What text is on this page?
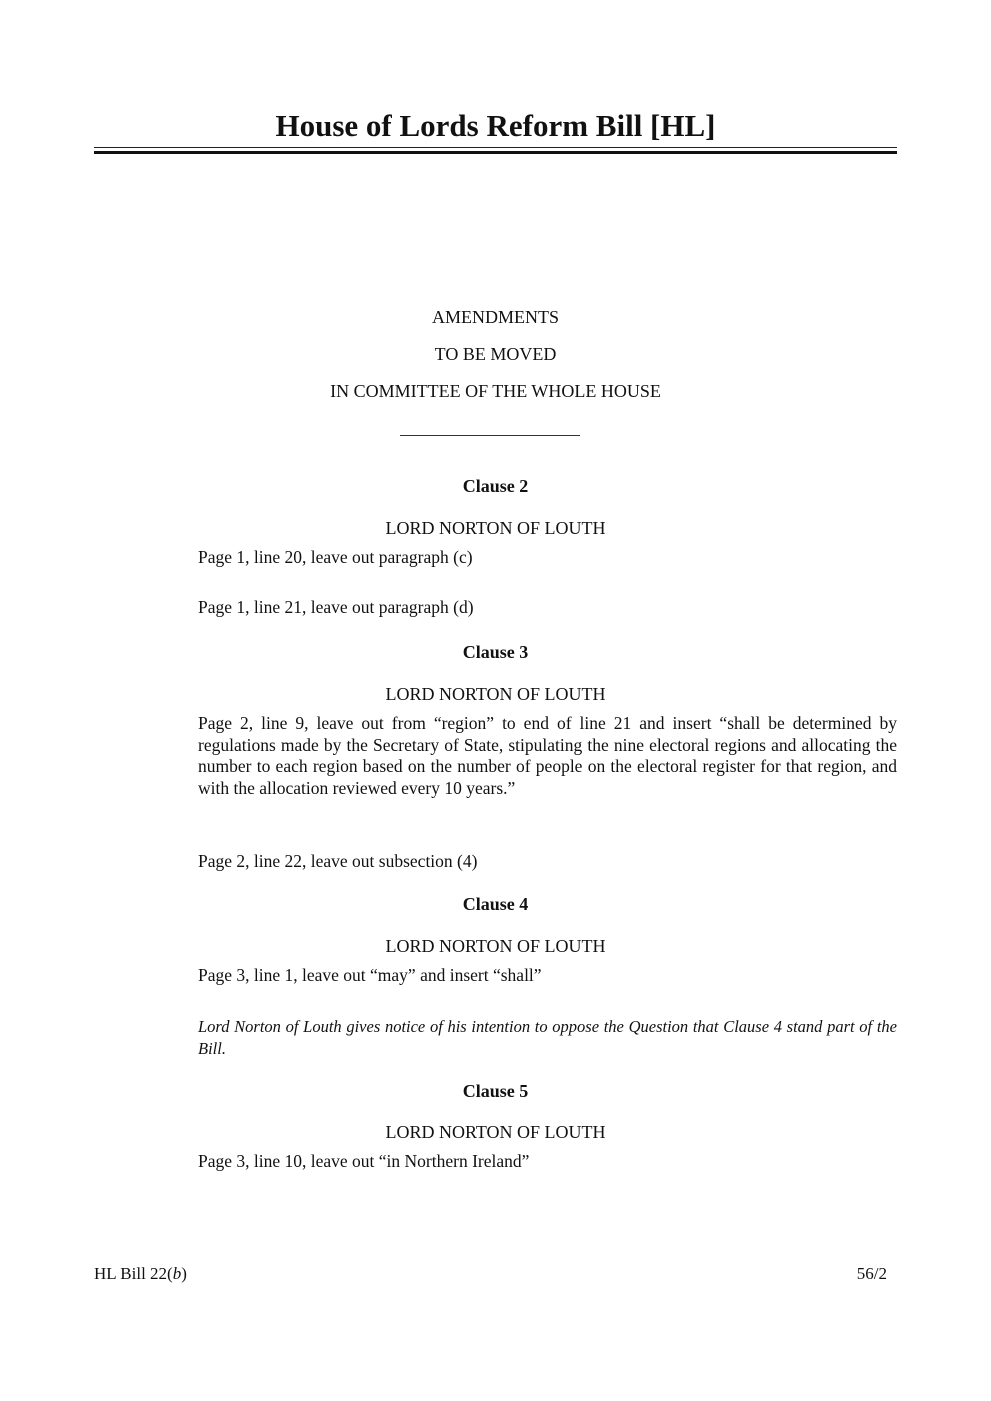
House of Lords Reform Bill [HL]
AMENDMENTS
TO BE MOVED
IN COMMITTEE OF THE WHOLE HOUSE
Clause 2
LORD NORTON OF LOUTH
Page 1, line 20, leave out paragraph (c)
Page 1, line 21, leave out paragraph (d)
Clause 3
LORD NORTON OF LOUTH
Page 2, line 9, leave out from “region” to end of line 21 and insert “shall be determined by regulations made by the Secretary of State, stipulating the nine electoral regions and allocating the number to each region based on the number of people on the electoral register for that region, and with the allocation reviewed every 10 years.”
Page 2, line 22, leave out subsection (4)
Clause 4
LORD NORTON OF LOUTH
Page 3, line 1, leave out “may” and insert “shall”
Lord Norton of Louth gives notice of his intention to oppose the Question that Clause 4 stand part of the Bill.
Clause 5
LORD NORTON OF LOUTH
Page 3, line 10, leave out “in Northern Ireland”
HL Bill 22(b)	56/2
